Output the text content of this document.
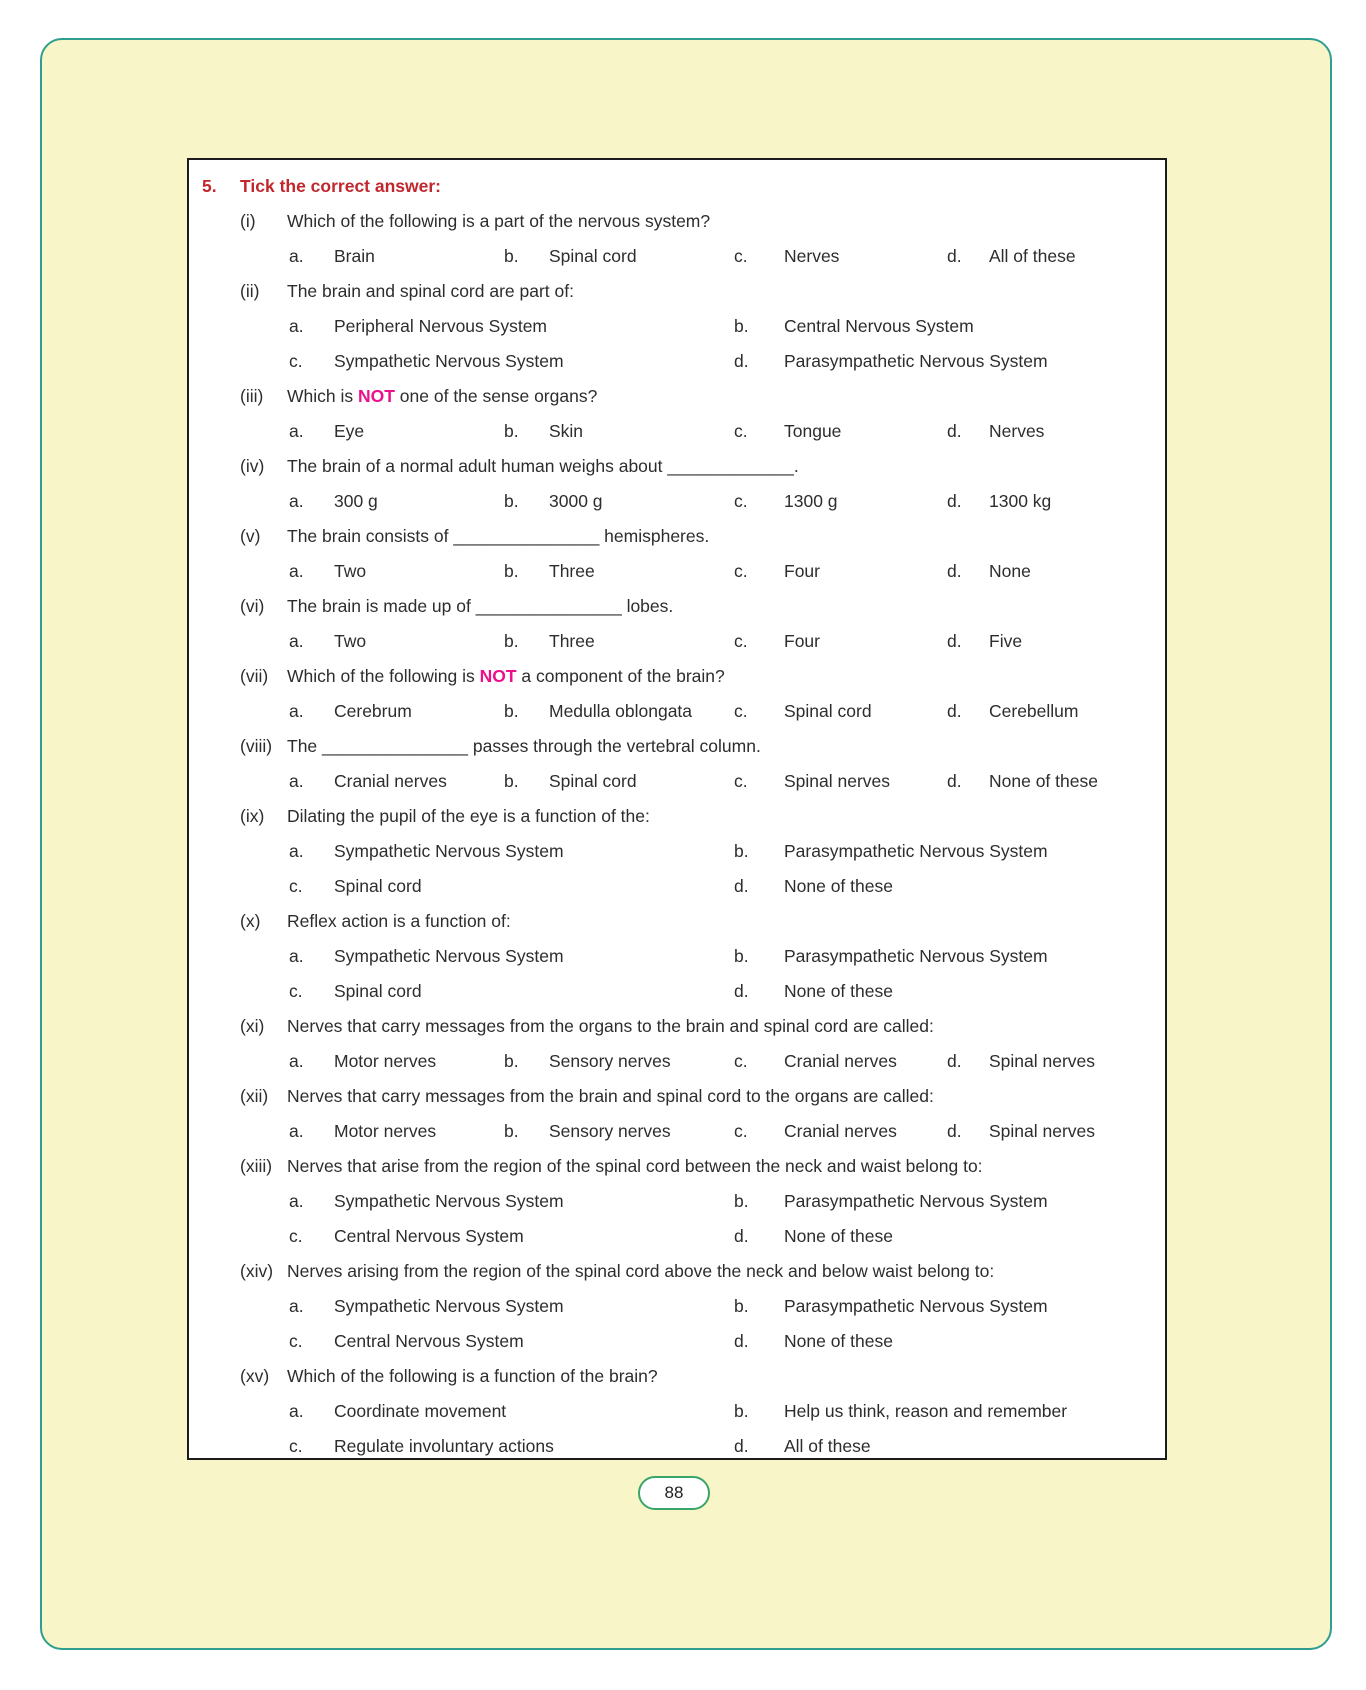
5. Tick the correct answer:
(i)	Which of the following is a part of the nervous system?
a.	Brain	b.	Spinal cord	c.	Nerves	d.	All of these
(ii)	The brain and spinal cord are part of:
a.	Peripheral Nervous System	b.	Central Nervous System
c.	Sympathetic Nervous System	d.	Parasympathetic Nervous System
(iii)	Which is NOT one of the sense organs?
a.	Eye	b.	Skin	c.	Tongue	d.	Nerves
(iv)	The brain of a normal adult human weighs about _____________.
a.	300 g	b.	3000 g	c.	1300 g	d.	1300 kg
(v)	The brain consists of _______________ hemispheres.
a.	Two	b.	Three	c.	Four	d.	None
(vi)	The brain is made up of _______________ lobes.
a.	Two	b.	Three	c.	Four	d.	Five
(vii)	Which of the following is NOT a component of the brain?
a.	Cerebrum	b.	Medulla oblongata	c.	Spinal cord	d.	Cerebellum
(viii) The _______________ passes through the vertebral column.
a.	Cranial nerves	b.	Spinal cord	c.	Spinal nerves	d.	None of these
(ix)	Dilating the pupil of the eye is a function of the:
a.	Sympathetic Nervous System	b.	Parasympathetic Nervous System
c.	Spinal cord	d.	None of these
(x)	Reflex action is a function of:
a.	Sympathetic Nervous System	b.	Parasympathetic Nervous System
c.	Spinal cord	d.	None of these
(xi)	Nerves that carry messages from the organs to the brain and spinal cord are called:
a.	Motor nerves	b.	Sensory nerves	c.	Cranial nerves	d.	Spinal nerves
(xii)	Nerves that carry messages from the brain and spinal cord to the organs are called:
a.	Motor nerves	b.	Sensory nerves	c.	Cranial nerves	d.	Spinal nerves
(xiii) Nerves that arise from the region of the spinal cord between the neck and waist belong to:
a.	Sympathetic Nervous System	b.	Parasympathetic Nervous System
c.	Central Nervous System	d.	None of these
(xiv) Nerves arising from the region of the spinal cord above the neck and below waist belong to:
a.	Sympathetic Nervous System	b.	Parasympathetic Nervous System
c.	Central Nervous System	d.	None of these
(xv)	Which of the following is a function of the brain?
a.	Coordinate movement	b.	Help us think, reason and remember
c.	Regulate involuntary actions	d.	All of these
88
